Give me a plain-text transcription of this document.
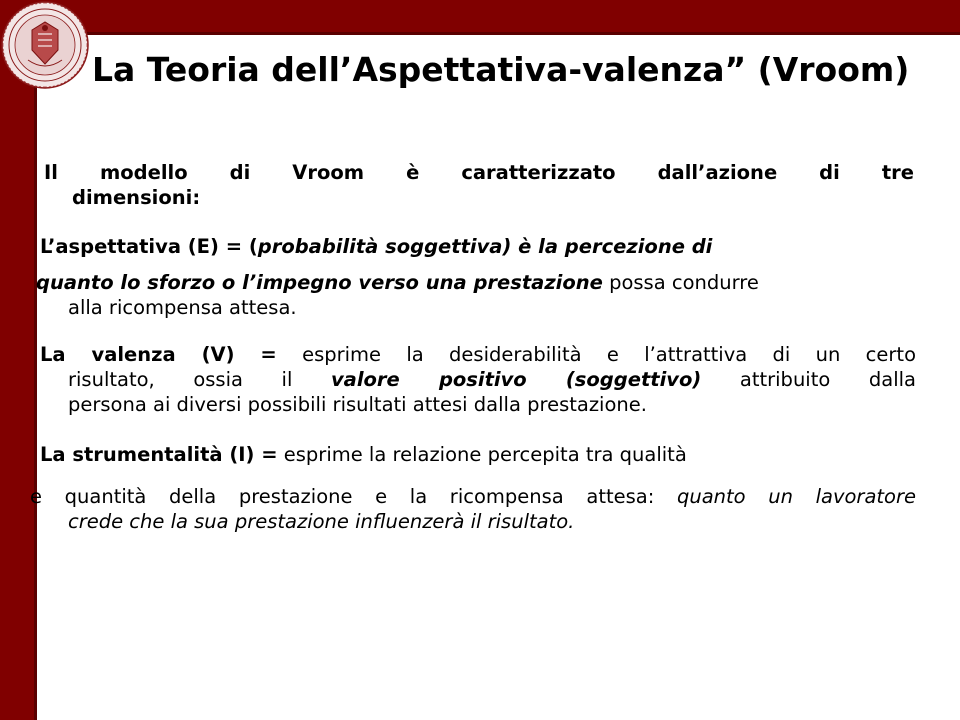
La Teoria dell’Aspettativa-valenza” (Vroom)
Il modello di Vroom è caratterizzato dall’azione di tre
dimensioni:
L’aspettativa (E) = (probabilità soggettiva) è la percezione di
quanto lo sforzo o l’impegno verso una prestazione possa condurre
alla ricompensa attesa.
La valenza (V) = esprime la desiderabilità e l’attrattiva di un certo
risultato, ossia il valore positivo (soggettivo) attribuito dalla
persona ai diversi possibili risultati attesi dalla prestazione.
La strumentalità (I) = esprime la relazione percepita tra qualità
e quantità della prestazione e la ricompensa attesa: quanto un lavoratore
crede che la sua prestazione influenzerà il risultato.
